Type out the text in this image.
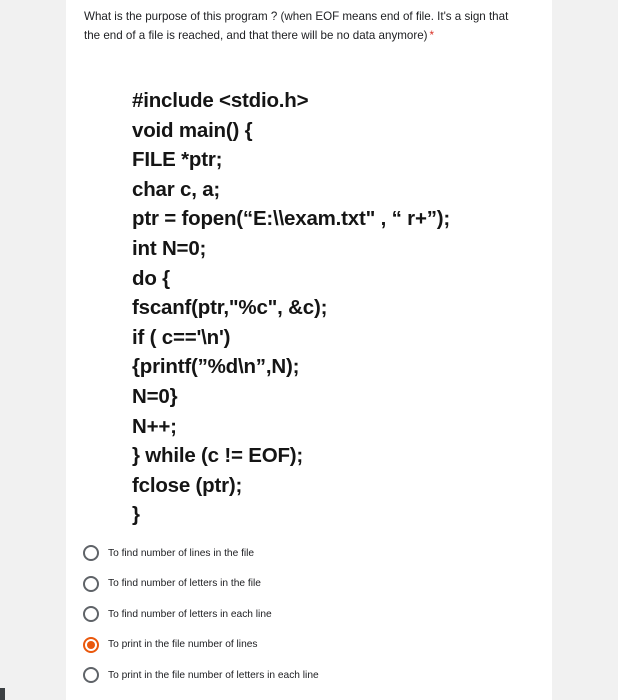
What is the purpose of this program ? (when EOF means end of file. It's a sign that the end of a file is reached, and that there will be no data anymore) *
#include <stdio.h>
void main() {
FILE *ptr;
char c, a;
ptr = fopen(“E:\\exam.txt" , “ r+”);
int N=0;
do {
fscanf(ptr,"%c", &c);
if ( c=='\n')
{printf(”%d\n”,N);
N=0}
N++;
} while (c != EOF);
fclose (ptr);
}
To find number of lines in the file
To find number of letters in the file
To find number of letters in each line
To print in the file number of lines
To print in the file number of letters in each line
